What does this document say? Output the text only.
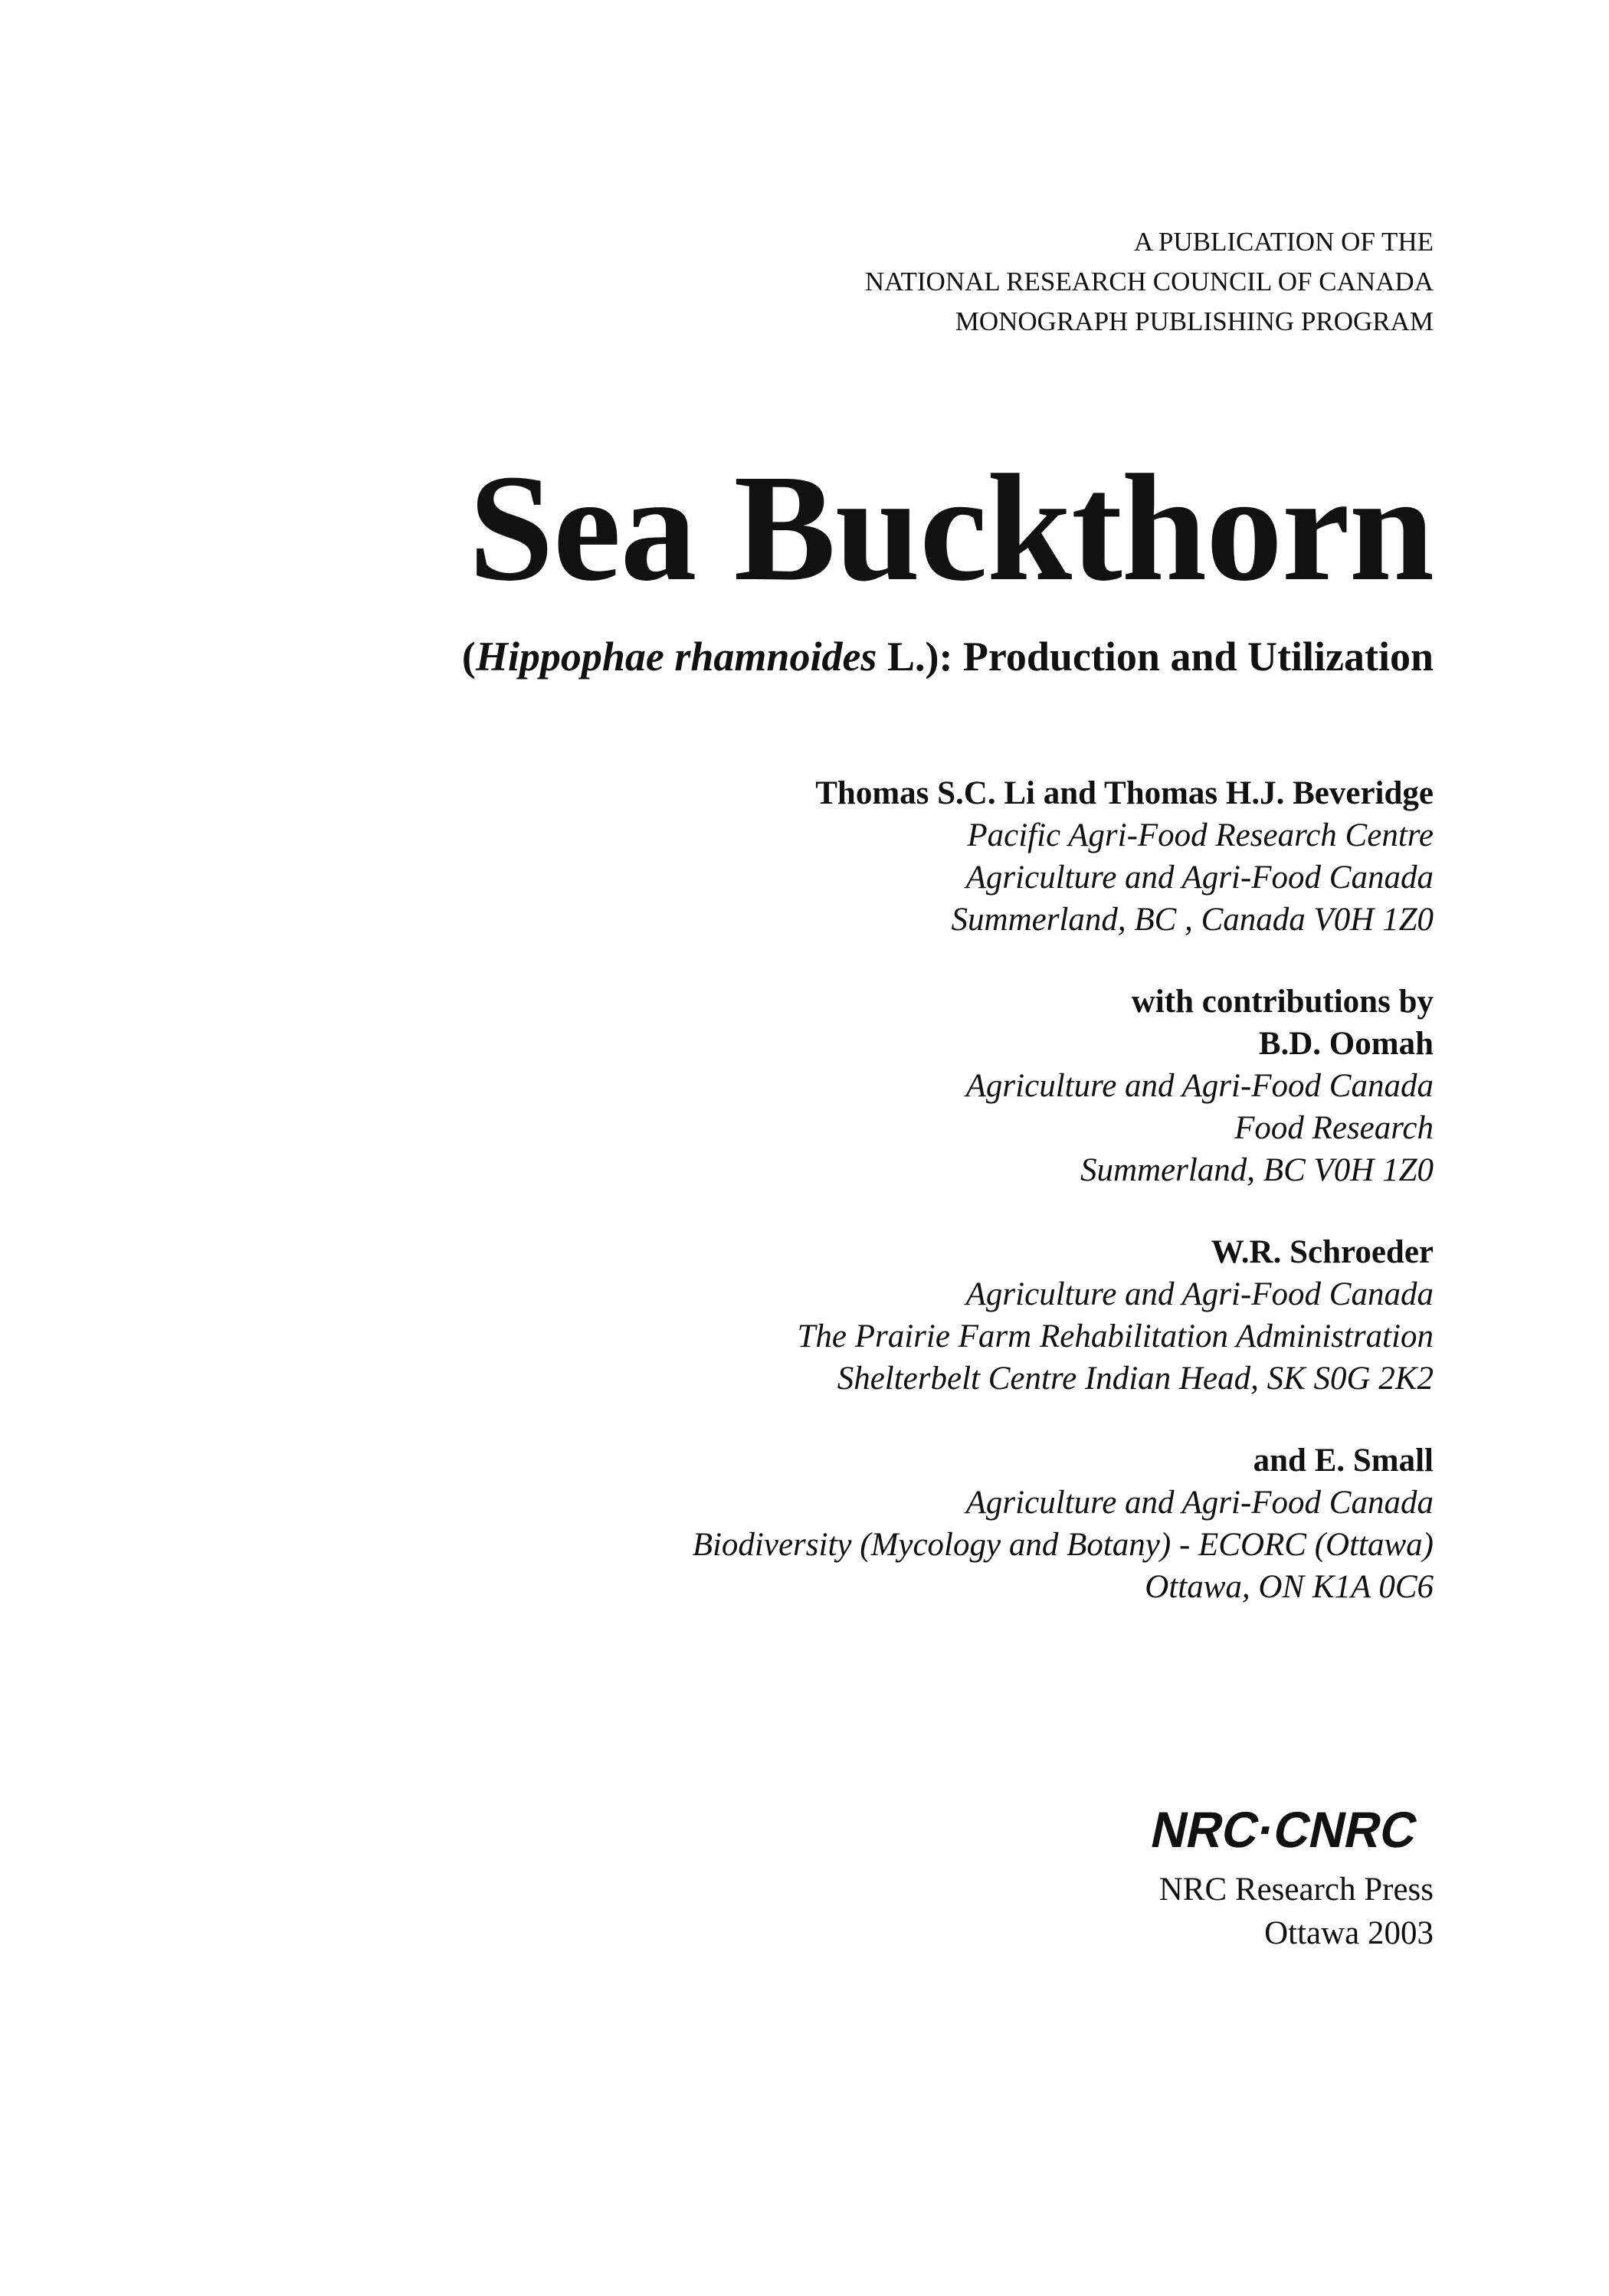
A PUBLICATION OF THE
NATIONAL RESEARCH COUNCIL OF CANADA
MONOGRAPH PUBLISHING PROGRAM
Sea Buckthorn
(Hippophae rhamnoides L.): Production and Utilization
Thomas S.C. Li and Thomas H.J. Beveridge
Pacific Agri-Food Research Centre
Agriculture and Agri-Food Canada
Summerland, BC , Canada V0H 1Z0
with contributions by
B.D. Oomah
Agriculture and Agri-Food Canada
Food Research
Summerland, BC V0H 1Z0
W.R. Schroeder
Agriculture and Agri-Food Canada
The Prairie Farm Rehabilitation Administration
Shelterbelt Centre Indian Head, SK S0G 2K2
and E. Small
Agriculture and Agri-Food Canada
Biodiversity (Mycology and Botany) - ECORC (Ottawa)
Ottawa, ON K1A 0C6
NRC·CNRC
NRC Research Press
Ottawa 2003
